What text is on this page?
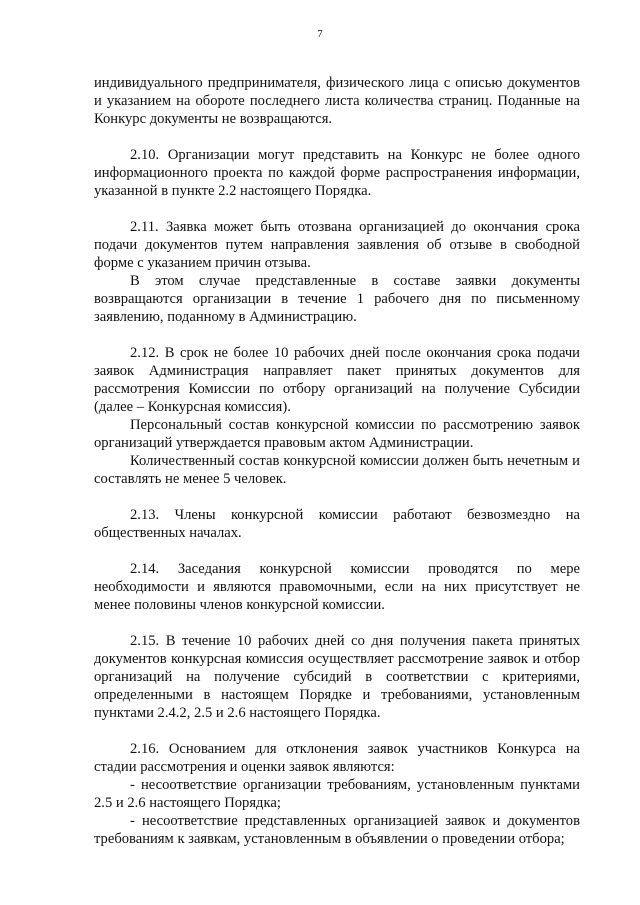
7

индивидуального предпринимателя, физического лица с описью документов и указанием на обороте последнего листа количества страниц. Поданные на Конкурс документы не возвращаются.

2.10. Организации могут представить на Конкурс не более одного информационного проекта по каждой форме распространения информации, указанной в пункте 2.2 настоящего Порядка.

2.11. Заявка может быть отозвана организацией до окончания срока подачи документов путем направления заявления об отзыве в свободной форме с указанием причин отзыва.

В этом случае представленные в составе заявки документы возвращаются организации в течение 1 рабочего дня по письменному заявлению, поданному в Администрацию.

2.12. В срок не более 10 рабочих дней после окончания срока подачи заявок Администрация направляет пакет принятых документов для рассмотрения Комиссии по отбору организаций на получение Субсидии (далее – Конкурсная комиссия).

Персональный состав конкурсной комиссии по рассмотрению заявок организаций утверждается правовым актом Администрации.

Количественный состав конкурсной комиссии должен быть нечетным и составлять не менее 5 человек.

2.13. Члены конкурсной комиссии работают безвозмездно на общественных началах.

2.14. Заседания конкурсной комиссии проводятся по мере необходимости и являются правомочными, если на них присутствует не менее половины членов конкурсной комиссии.

2.15. В течение 10 рабочих дней со дня получения пакета принятых документов конкурсная комиссия осуществляет рассмотрение заявок и отбор организаций на получение субсидий в соответствии с критериями, определенными в настоящем Порядке и требованиями, установленным пунктами 2.4.2, 2.5 и 2.6 настоящего Порядка.

2.16. Основанием для отклонения заявок участников Конкурса на стадии рассмотрения и оценки заявок являются:

- несоответствие организации требованиям, установленным пунктами 2.5 и 2.6 настоящего Порядка;

- несоответствие представленных организацией заявок и документов требованиям к заявкам, установленным в объявлении о проведении отбора;
